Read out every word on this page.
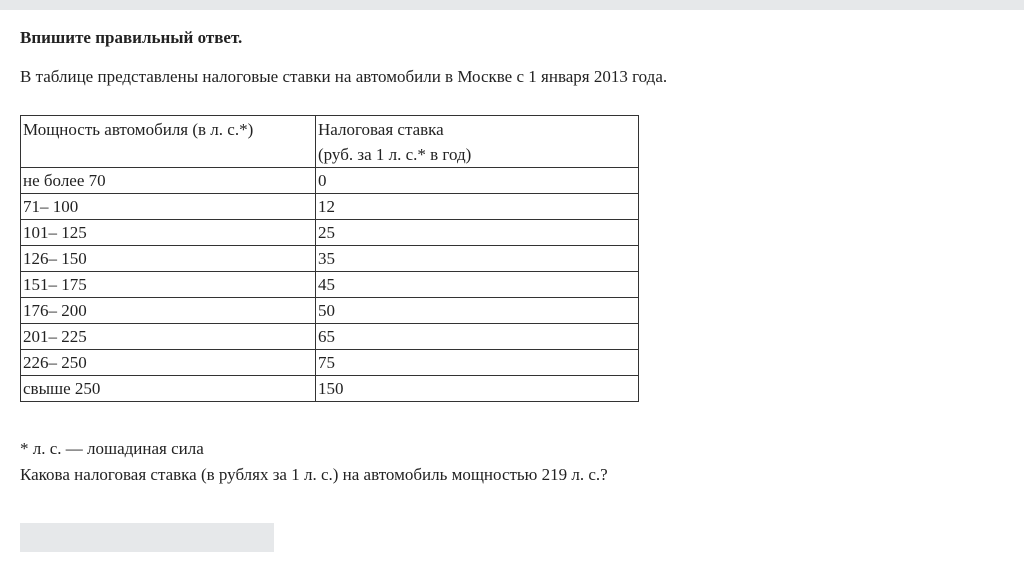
Впишите правильный ответ.

В таблице представлены налоговые ставки на автомобили в Москве с 1 января 2013 года.

Мощность автомобиля (в л. с.*)	Налоговая ставка
(руб. за 1 л. с.* в год)

не более 70	0
71– 100	12
101– 125	25
126– 150	35
151– 175	45
176– 200	50
201– 225	65
226– 250	75
свыше 250	150

* л. с. — лошадиная сила

Какова налоговая ставка (в рублях за 1 л. с.) на автомобиль мощностью 219 л. с.?
